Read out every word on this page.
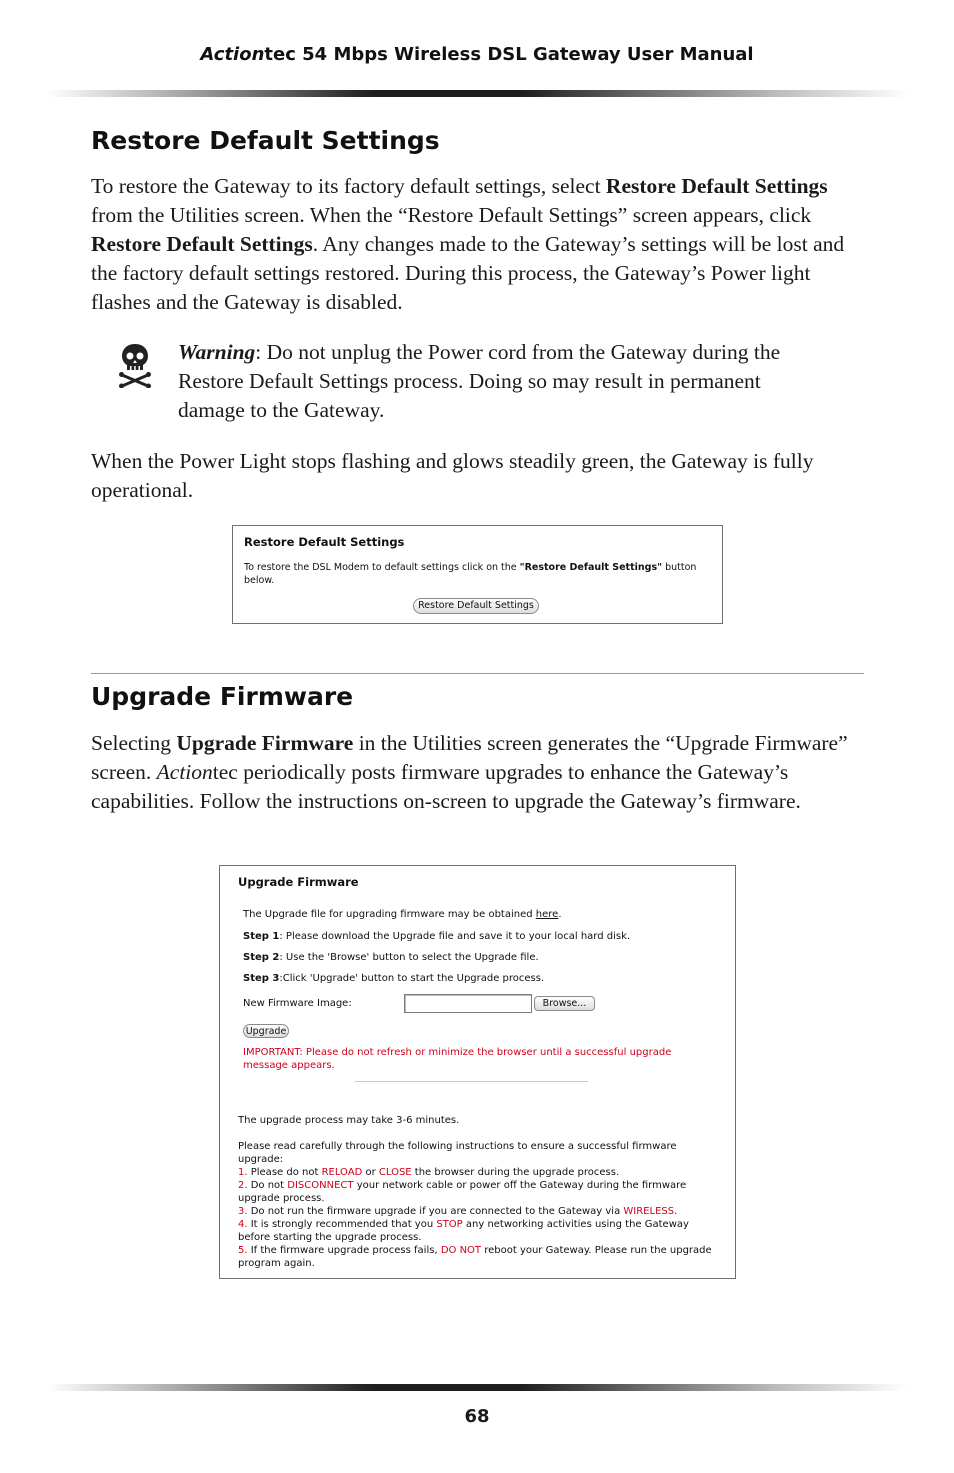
Actiontec 54 Mbps Wireless DSL Gateway User Manual
Restore Default Settings

To restore the Gateway to its factory default settings, select Restore Default Settings from the Utilities screen. When the “Restore Default Settings” screen appears, click Restore Default Settings. Any changes made to the Gateway’s settings will be lost and the factory default settings restored. During this process, the Gateway’s Power light flashes and the Gateway is disabled.

Warning: Do not unplug the Power cord from the Gateway during the Restore Default Settings process. Doing so may result in permanent damage to the Gateway.

When the Power Light stops flashing and glows steadily green, the Gateway is fully operational.

Restore Default Settings
To restore the DSL Modem to default settings click on the "Restore Default Settings" button
below.
Restore Default Settings
Upgrade Firmware

Selecting Upgrade Firmware in the Utilities screen generates the “Upgrade Firmware” screen. Actiontec periodically posts firmware upgrades to enhance the Gateway’s capabilities. Follow the instructions on-screen to upgrade the Gateway’s firmware.

Upgrade Firmware
The Upgrade file for upgrading firmware may be obtained here.
Step 1: Please download the Upgrade file and save it to your local hard disk.
Step 2: Use the 'Browse' button to select the Upgrade file.
Step 3:Click 'Upgrade' button to start the Upgrade process.
New Firmware Image:	Browse...
Upgrade
IMPORTANT: Please do not refresh or minimize the browser until a successful upgrade
message appears.
The upgrade process may take 3-6 minutes.
Please read carefully through the following instructions to ensure a successful firmware
upgrade:
1. Please do not RELOAD or CLOSE the browser during the upgrade process.
2. Do not DISCONNECT your network cable or power off the Gateway during the firmware
upgrade process.
3. Do not run the firmware upgrade if you are connected to the Gateway via WIRELESS.
4. It is strongly recommended that you STOP any networking activities using the Gateway
before starting the upgrade process.
5. If the firmware upgrade process fails, DO NOT reboot your Gateway. Please run the upgrade
program again.
68
